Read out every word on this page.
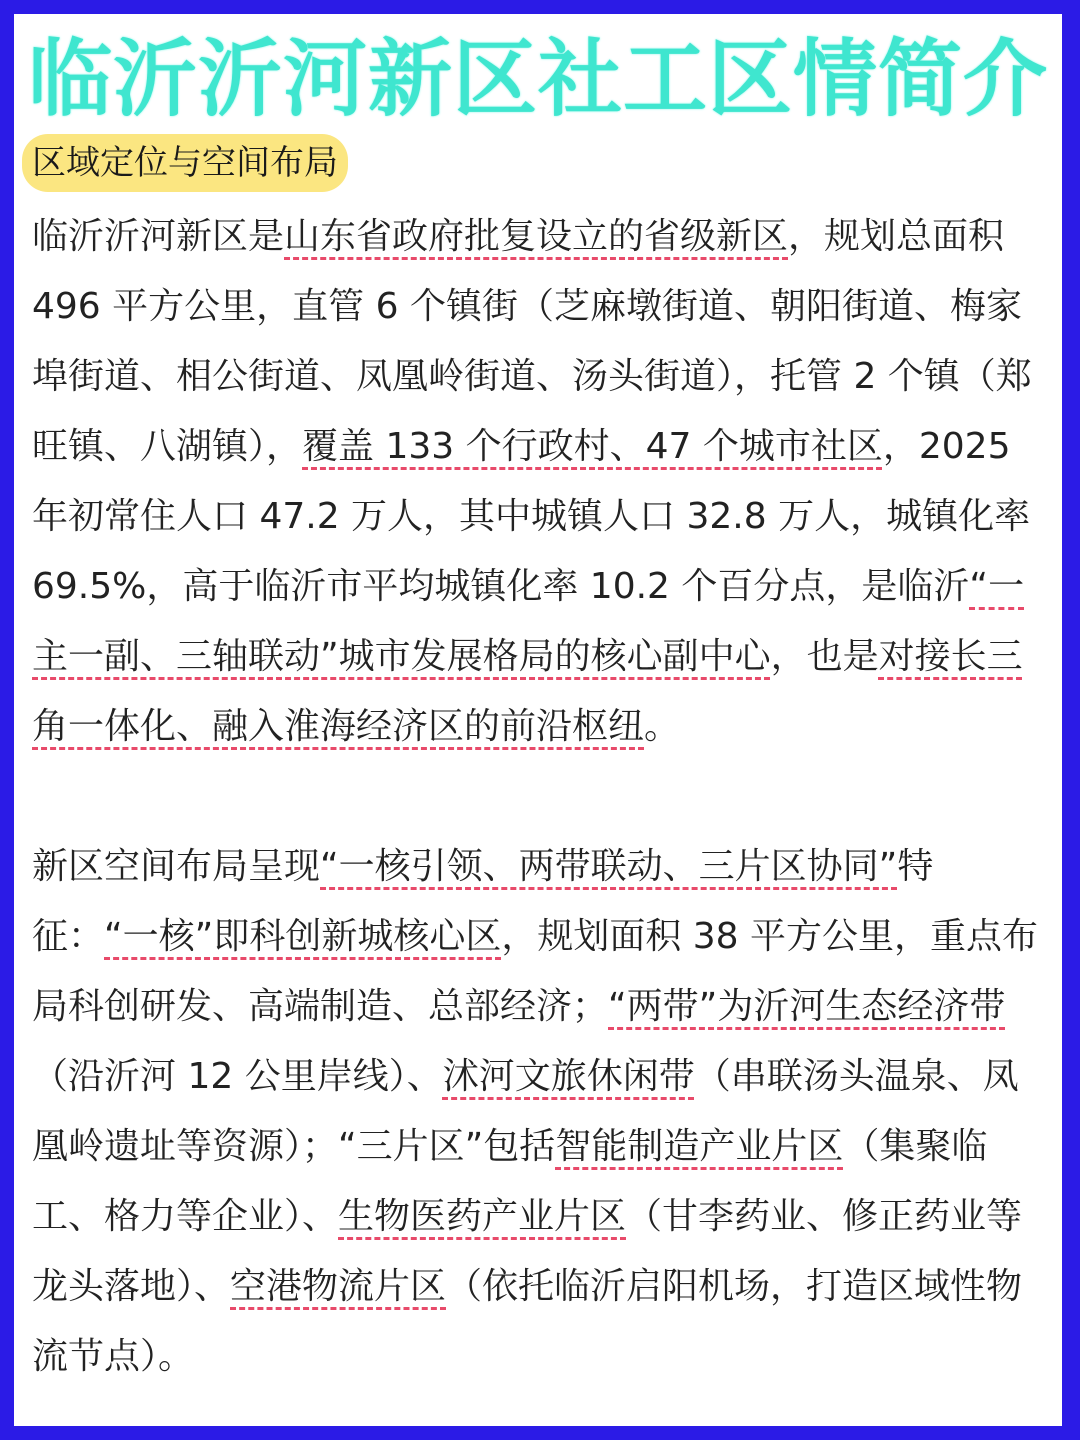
临沂沂河新区社工区情简介
区域定位与空间布局

临沂沂河新区是山东省政府批复设立的省级新区，规划总面积 496 平方公里，直管 6 个镇街（芝麻墩街道、朝阳街道、梅家埠街道、相公街道、凤凰岭街道、汤头街道），托管 2 个镇（郑旺镇、八湖镇），覆盖 133 个行政村、47 个城市社区，2025 年初常住人口 47.2 万人，其中城镇人口 32.8 万人，城镇化率 69.5%，高于临沂市平均城镇化率 10.2 个百分点，是临沂“一主一副、三轴联动”城市发展格局的核心副中心，也是对接长三角一体化、融入淮海经济区的前沿枢纽。

新区空间布局呈现“一核引领、两带联动、三片区协同”特征：“一核”即科创新城核心区，规划面积 38 平方公里，重点布局科创研发、高端制造、总部经济；“两带”为沂河生态经济带（沿沂河 12 公里岸线）、沭河文旅休闲带（串联汤头温泉、凤凰岭遗址等资源）；“三片区”包括智能制造产业片区（集聚临工、格力等企业）、生物医药产业片区（甘李药业、修正药业等龙头落地）、空港物流片区（依托临沂启阳机场，打造区域性物流节点）。
